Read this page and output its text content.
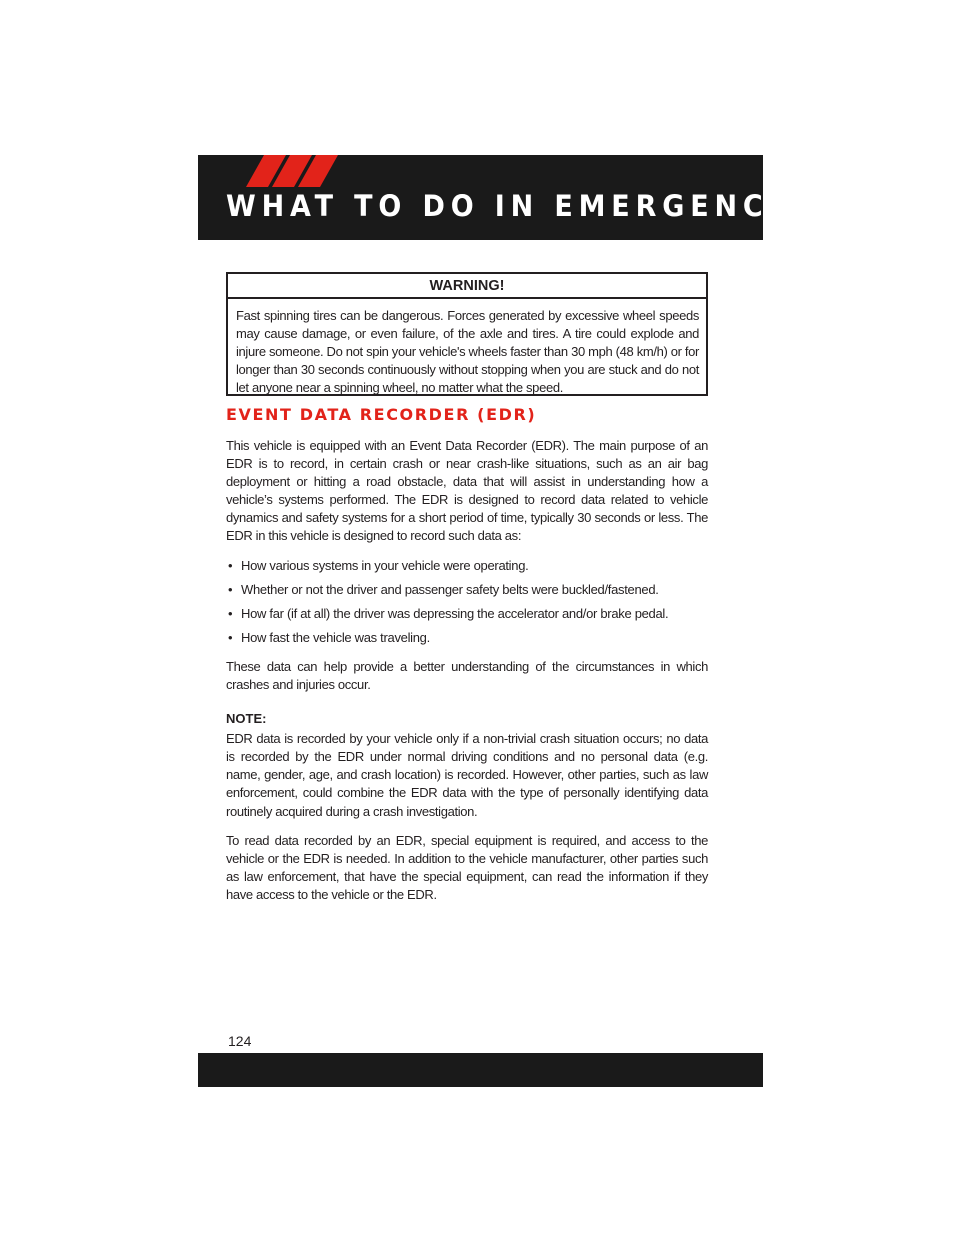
WHAT TO DO IN EMERGENCIES
WARNING!

Fast spinning tires can be dangerous. Forces generated by excessive wheel speeds may cause damage, or even failure, of the axle and tires. A tire could explode and injure someone. Do not spin your vehicle's wheels faster than 30 mph (48 km/h) or for longer than 30 seconds continuously without stopping when you are stuck and do not let anyone near a spinning wheel, no matter what the speed.

EVENT DATA RECORDER (EDR)

This vehicle is equipped with an Event Data Recorder (EDR). The main purpose of an EDR is to record, in certain crash or near crash-like situations, such as an air bag deployment or hitting a road obstacle, data that will assist in understanding how a vehicle’s systems performed. The EDR is designed to record data related to vehicle dynamics and safety systems for a short period of time, typically 30 seconds or less. The EDR in this vehicle is designed to record such data as:

• How various systems in your vehicle were operating.
• Whether or not the driver and passenger safety belts were buckled/fastened.
• How far (if at all) the driver was depressing the accelerator and/or brake pedal.
• How fast the vehicle was traveling.

These data can help provide a better understanding of the circumstances in which crashes and injuries occur.

NOTE:

EDR data is recorded by your vehicle only if a non-trivial crash situation occurs; no data is recorded by the EDR under normal driving conditions and no personal data (e.g. name, gender, age, and crash location) is recorded. However, other parties, such as law enforcement, could combine the EDR data with the type of personally identifying data routinely acquired during a crash investigation.

To read data recorded by an EDR, special equipment is required, and access to the vehicle or the EDR is needed. In addition to the vehicle manufacturer, other parties such as law enforcement, that have the special equipment, can read the information if they have access to the vehicle or the EDR.

124
